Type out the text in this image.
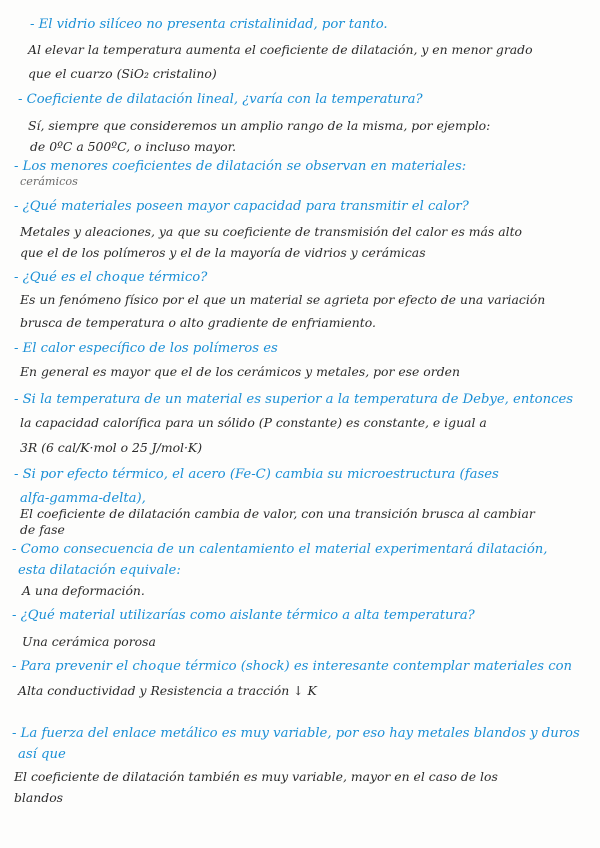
- El vidrio silíceo no presenta cristalinidad, por tanto.
Al elevar la temperatura aumenta el coeficiente de dilatación, y en menor grado
que el cuarzo (SiO₂ cristalino)
- Coeficiente de dilatación lineal, ¿varía con la temperatura?
Sí, siempre que consideremos un amplio rango de la misma, por ejemplo:
de 0ºC a 500ºC, o incluso mayor.
- Los menores coeficientes de dilatación se observan en materiales:
cerámicos
- ¿Qué materiales poseen mayor capacidad para transmitir el calor?
Metales y aleaciones, ya que su coeficiente de transmisión del calor es más alto
que el de los polímeros y el de la mayoría de vidrios y cerámicas
- ¿Qué es el choque térmico?
Es un fenómeno físico por el que un material se agrieta por efecto de una variación
brusca de temperatura o alto gradiente de enfriamiento.
- El calor específico de los polímeros es
En general es mayor que el de los cerámicos y metales, por ese orden
- Si la temperatura de un material es superior a la temperatura de Debye, entonces
la capacidad calorífica para un sólido (P constante) es constante, e igual a
3R (6 cal/K·mol o 25 J/mol·K)
- Si por efecto térmico, el acero (Fe-C) cambia su microestructura (fases
alfa-gamma-delta),
El coeficiente de dilatación cambia de valor, con una transición brusca al cambiar
de fase
- Como consecuencia de un calentamiento el material experimentará dilatación,
esta dilatación equivale:
A una deformación.
- ¿Qué material utilizarías como aislante térmico a alta temperatura?
Una cerámica porosa
- Para prevenir el choque térmico (shock) es interesante contemplar materiales con
Alta conductividad y Resistencia a tracción ↓ K
- La fuerza del enlace metálico es muy variable, por eso hay metales blandos y duros
así que
El coeficiente de dilatación también es muy variable, mayor en el caso de los
blandos
